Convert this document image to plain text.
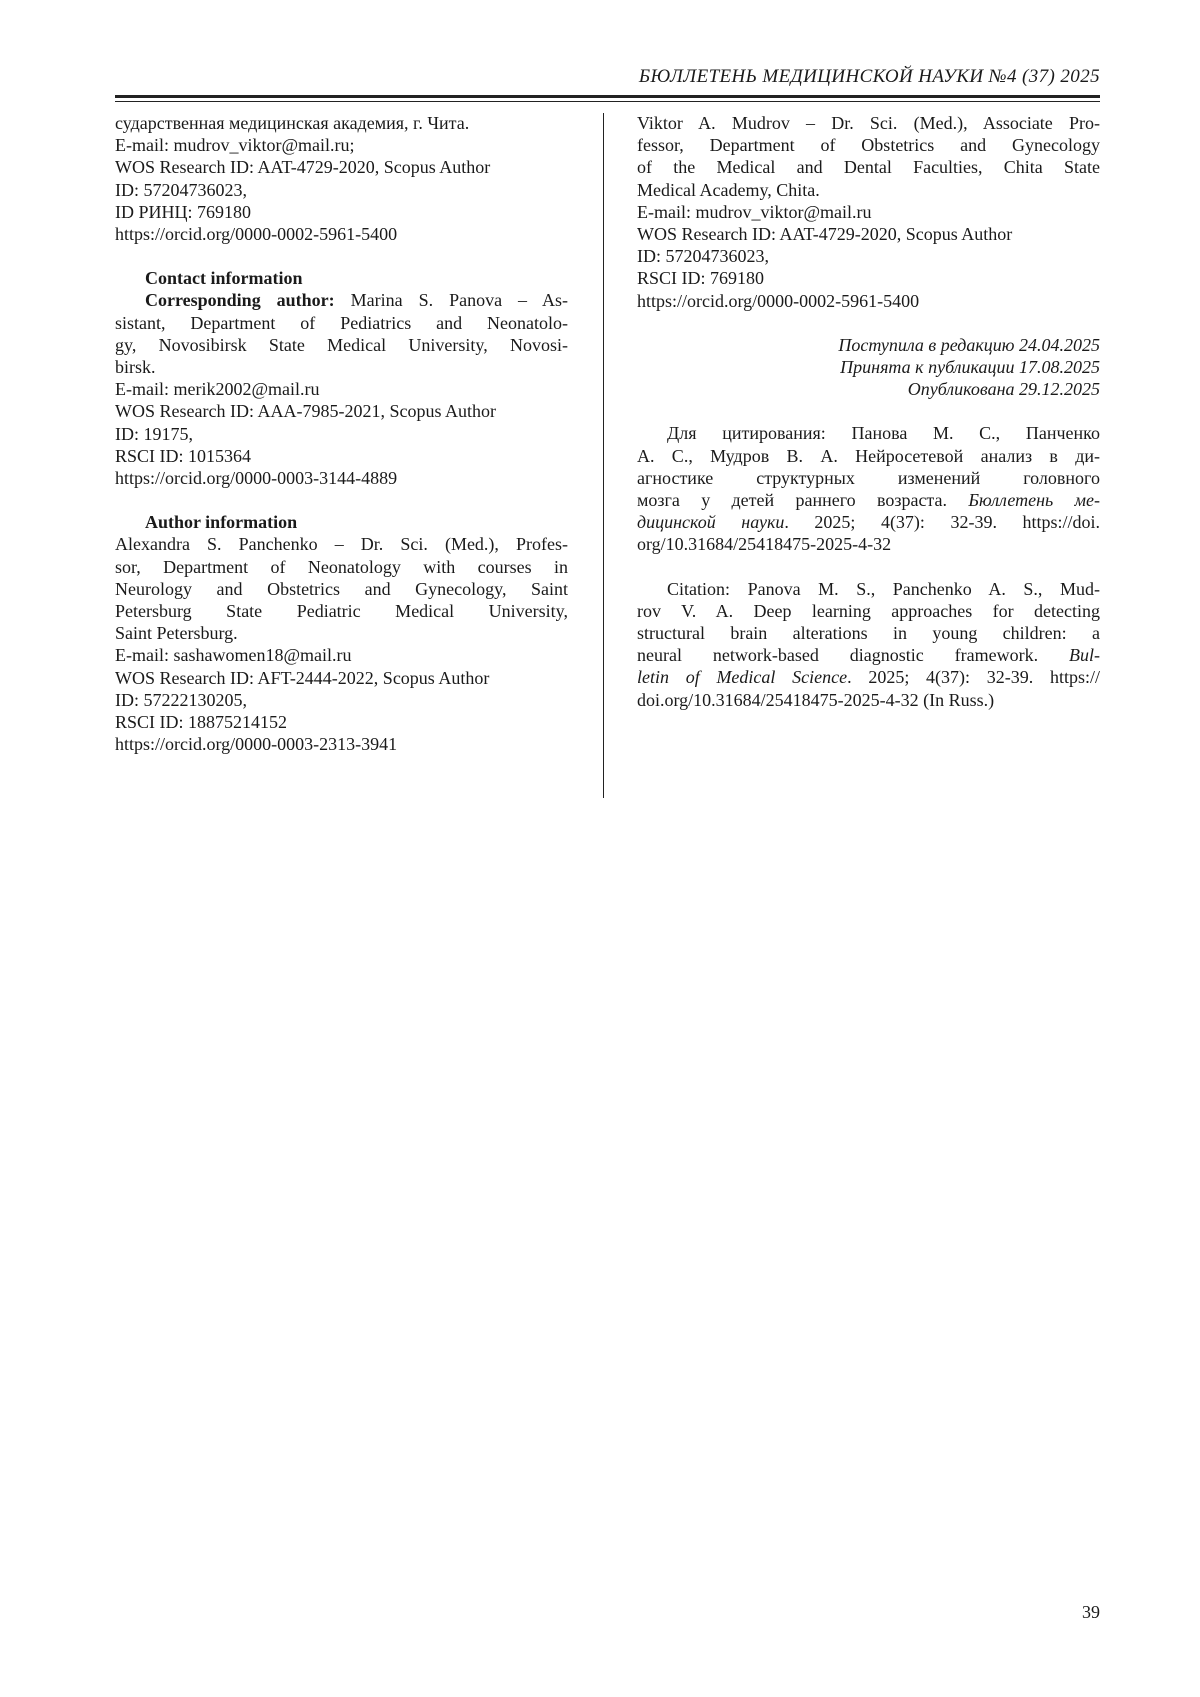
БЮЛЛЕТЕНЬ МЕДИЦИНСКОЙ НАУКИ №4 (37) 2025
сударственная медицинская академия, г. Чита.
E-mail: mudrov_viktor@mail.ru;
WOS Research ID: AAT-4729-2020, Scopus Author
ID: 57204736023,
ID РИНЦ: 769180
https://orcid.org/0000-0002-5961-5400
Contact information
Corresponding author: Marina S. Panova – As-
sistant, Department of Pediatrics and Neonatolo-
gy, Novosibirsk State Medical University, Novosi-
birsk.
E-mail: merik2002@mail.ru
WOS Research ID: AAA-7985-2021, Scopus Author
ID: 19175,
RSCI ID: 1015364
https://orcid.org/0000-0003-3144-4889
Author information
Alexandra S. Panchenko – Dr. Sci. (Med.), Profes-
sor, Department of Neonatology with courses in
Neurology and Obstetrics and Gynecology, Saint
Petersburg State Pediatric Medical University,
Saint Petersburg.
E-mail: sashawomen18@mail.ru
WOS Research ID: AFT-2444-2022, Scopus Author
ID: 57222130205,
RSCI ID: 18875214152
https://orcid.org/0000-0003-2313-3941
Viktor A. Mudrov – Dr. Sci. (Med.), Associate Pro-
fessor, Department of Obstetrics and Gynecology
of the Medical and Dental Faculties, Chita State
Medical Academy, Chita.
E-mail: mudrov_viktor@mail.ru
WOS Research ID: AAT-4729-2020, Scopus Author
ID: 57204736023,
RSCI ID: 769180
https://orcid.org/0000-0002-5961-5400
Поступила в редакцию 24.04.2025
Принята к публикации 17.08.2025
Опубликована 29.12.2025
Для цитирования: Панова М. С., Панченко
А. С., Мудров В. А. Нейросетевой анализ в ди-
агностике структурных изменений головного
мозга у детей раннего возраста. Бюллетень ме-
дицинской науки. 2025; 4(37): 32-39. https://doi.
org/10.31684/25418475-2025-4-32
Citation: Panova M. S., Panchenko A. S., Mud-
rov V. A. Deep learning approaches for detecting
structural brain alterations in young children: a
neural network-based diagnostic framework. Bul-
letin of Medical Science. 2025; 4(37): 32-39. https://
doi.org/10.31684/25418475-2025-4-32 (In Russ.)
39
